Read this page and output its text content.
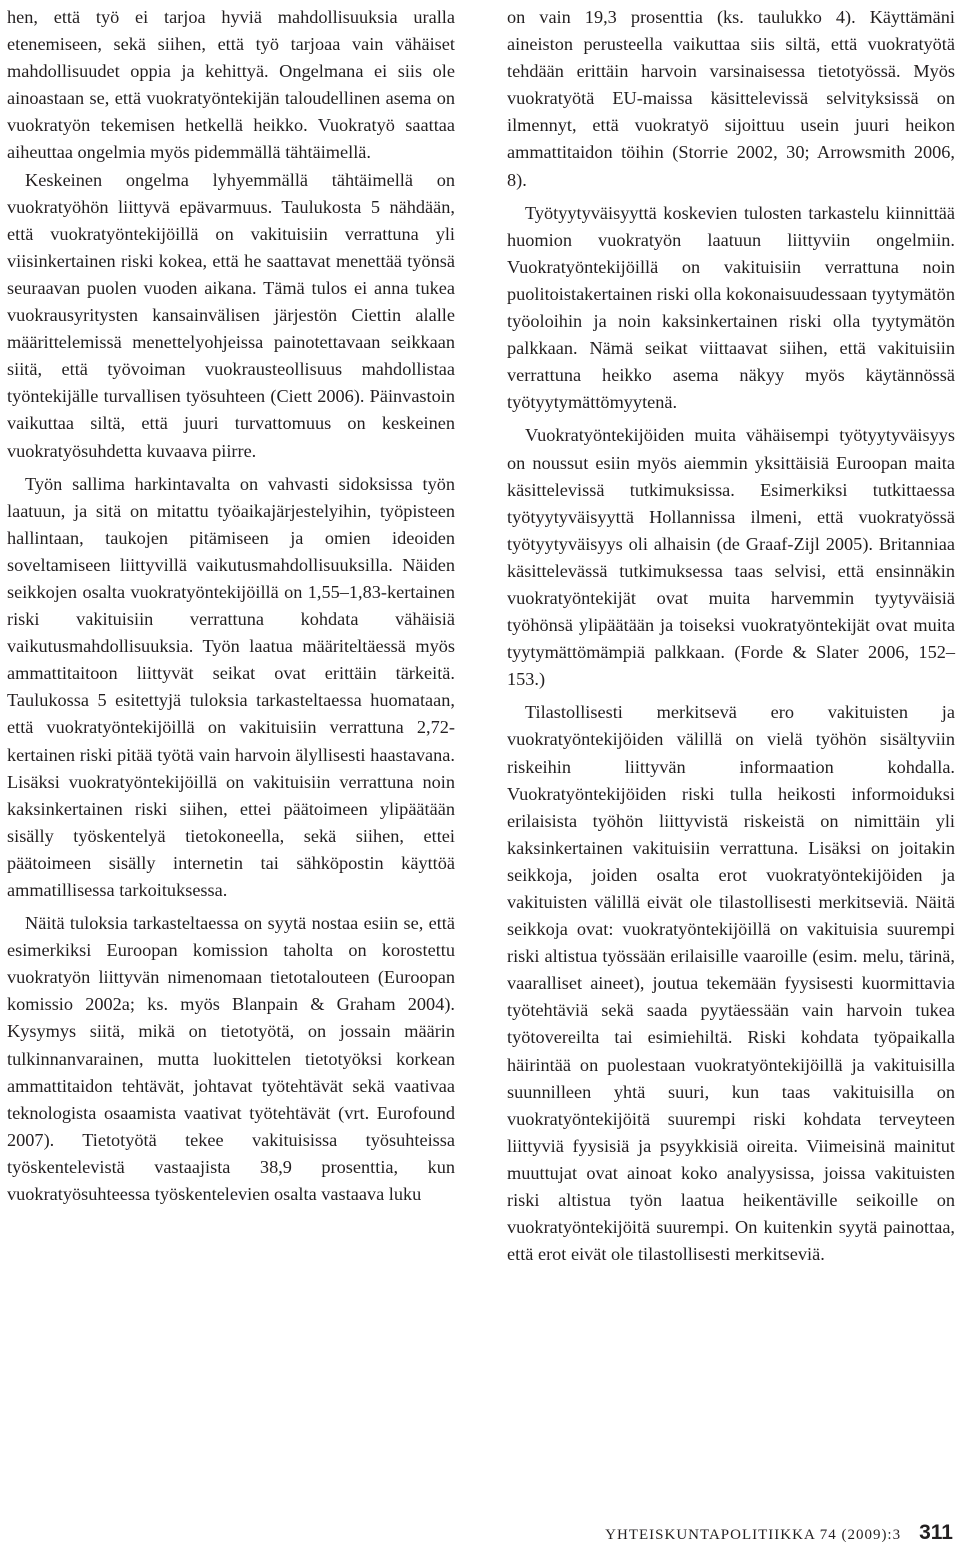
hen, että työ ei tarjoa hyviä mahdollisuuksia uralla etenemiseen, sekä siihen, että työ tarjoaa vain vähäiset mahdollisuudet oppia ja kehittyä. Ongelmana ei siis ole ainoastaan se, että vuokratyöntekijän taloudellinen asema on vuokratyön tekemisen hetkellä heikko. Vuokratyö saattaa aiheuttaa ongelmia myös pidemmällä tähtäimellä.

Keskeinen ongelma lyhyemmällä tähtäimellä on vuokratyöhön liittyvä epävarmuus. Taulukosta 5 nähdään, että vuokratyöntekijöillä on vakituisiin verrattuna yli viisinkertainen riski kokea, että he saattavat menettää työnsä seuraavan puolen vuoden aikana. Tämä tulos ei anna tukea vuokrausyritysten kansainvälisen järjestön Ciettin alalle määrittelemissä menettelyohjeissa painotettavaan seikkaan siitä, että työvoiman vuokrausteollisuus mahdollistaa työntekijälle turvallisen työsuhteen (Ciett 2006). Päinvastoin vaikuttaa siltä, että juuri turvattomuus on keskeinen vuokratyösuhdetta kuvaava piirre.

Työn sallima harkintavalta on vahvasti sidoksissa työn laatuun, ja sitä on mitattu työaikajärjestelyihin, työpisteen hallintaan, taukojen pitämiseen ja omien ideoiden soveltamiseen liittyvillä vaikutusmahdollisuuksilla. Näiden seikkojen osalta vuokratyöntekijöillä on 1,55–1,83-kertainen riski vakituisiin verrattuna kohdata vähäisiä vaikutusmahdollisuuksia. Työn laatua määriteltäessä myös ammattitaitoon liittyvät seikat ovat erittäin tärkeitä. Taulukossa 5 esitettyjä tuloksia tarkasteltaessa huomataan, että vuokratyöntekijöillä on vakituisiin verrattuna 2,72-kertainen riski pitää työtä vain harvoin älyllisesti haastavana. Lisäksi vuokratyöntekijöillä on vakituisiin verrattuna noin kaksinkertainen riski siihen, ettei päätoimeen ylipäätään sisälly työskentelyä tietokoneella, sekä siihen, ettei päätoimeen sisälly internetin tai sähköpostin käyttöä ammatillisessa tarkoituksessa.

Näitä tuloksia tarkasteltaessa on syytä nostaa esiin se, että esimerkiksi Euroopan komission taholta on korostettu vuokratyön liittyvän nimenomaan tietotalouteen (Euroopan komissio 2002a; ks. myös Blanpain & Graham 2004). Kysymys siitä, mikä on tietotyötä, on jossain määrin tulkinnanvarainen, mutta luokittelen tietotyöksi korkean ammattitaidon tehtävät, johtavat työtehtävät sekä vaativaa teknologista osaamista vaativat työtehtävät (vrt. Eurofound 2007). Tietotyötä tekee vakituisissa työsuhteissa työskentelevistä vastaajista 38,9 prosenttia, kun vuokratyösuhteessa työskentelevien osalta vastaava luku

on vain 19,3 prosenttia (ks. taulukko 4). Käyttämäni aineiston perusteella vaikuttaa siis siltä, että vuokratyötä tehdään erittäin harvoin varsinaisessa tietotyössä. Myös vuokratyötä EU-maissa käsittelevissä selvityksissä on ilmennyt, että vuokratyö sijoittuu usein juuri heikon ammattitaidon töihin (Storrie 2002, 30; Arrowsmith 2006, 8).

Työtyytyväisyyttä koskevien tulosten tarkastelu kiinnittää huomion vuokratyön laatuun liittyviin ongelmiin. Vuokratyöntekijöillä on vakituisiin verrattuna noin puolitoistakertainen riski olla kokonaisuudessaan tyytymätön työoloihin ja noin kaksinkertainen riski olla tyytymätön palkkaan. Nämä seikat viittaavat siihen, että vakituisiin verrattuna heikko asema näkyy myös käytännössä työtyytymättömyytenä.

Vuokratyöntekijöiden muita vähäisempi työtyytyväisyys on noussut esiin myös aiemmin yksittäisiä Euroopan maita käsittelevissä tutkimuksissa. Esimerkiksi tutkittaessa työtyytyväisyyttä Hollannissa ilmeni, että vuokratyössä työtyytyväisyys oli alhaisin (de Graaf-Zijl 2005). Britanniaa käsittelevässä tutkimuksessa taas selvisi, että ensinnäkin vuokratyöntekijät ovat muita harvemmin tyytyväisiä työhönsä ylipäätään ja toiseksi vuokratyöntekijät ovat muita tyytymättömämpiä palkkaan. (Forde & Slater 2006, 152–153.)

Tilastollisesti merkitsevä ero vakituisten ja vuokratyöntekijöiden välillä on vielä työhön sisältyviin riskeihin liittyvän informaation kohdalla. Vuokratyöntekijöiden riski tulla heikosti informoiduksi erilaisista työhön liittyvistä riskeistä on nimittäin yli kaksinkertainen vakituisiin verrattuna. Lisäksi on joitakin seikkoja, joiden osalta erot vuokratyöntekijöiden ja vakituisten välillä eivät ole tilastollisesti merkitseviä. Näitä seikkoja ovat: vuokratyöntekijöillä on vakituisia suurempi riski altistua työssään erilaisille vaaroille (esim. melu, tärinä, vaaralliset aineet), joutua tekemään fyysisesti kuormittavia työtehtäviä sekä saada pyytäessään vain harvoin tukea työtovereilta tai esimiehiltä. Riski kohdata työpaikalla häirintää on puolestaan vuokratyöntekijöillä ja vakituisilla suunnilleen yhtä suuri, kun taas vakituisilla on vuokratyöntekijöitä suurempi riski kohdata terveyteen liittyviä fyysisiä ja psyykkisiä oireita. Viimeisinä mainitut muuttujat ovat ainoat koko analyysissa, joissa vakituisten riski altistua työn laatua heikentäville seikoille on vuokratyöntekijöitä suurempi. On kuitenkin syytä painottaa, että erot eivät ole tilastollisesti merkitseviä.

YHTEISKUNTAPOLITIIKKA 74 (2009):3 311
